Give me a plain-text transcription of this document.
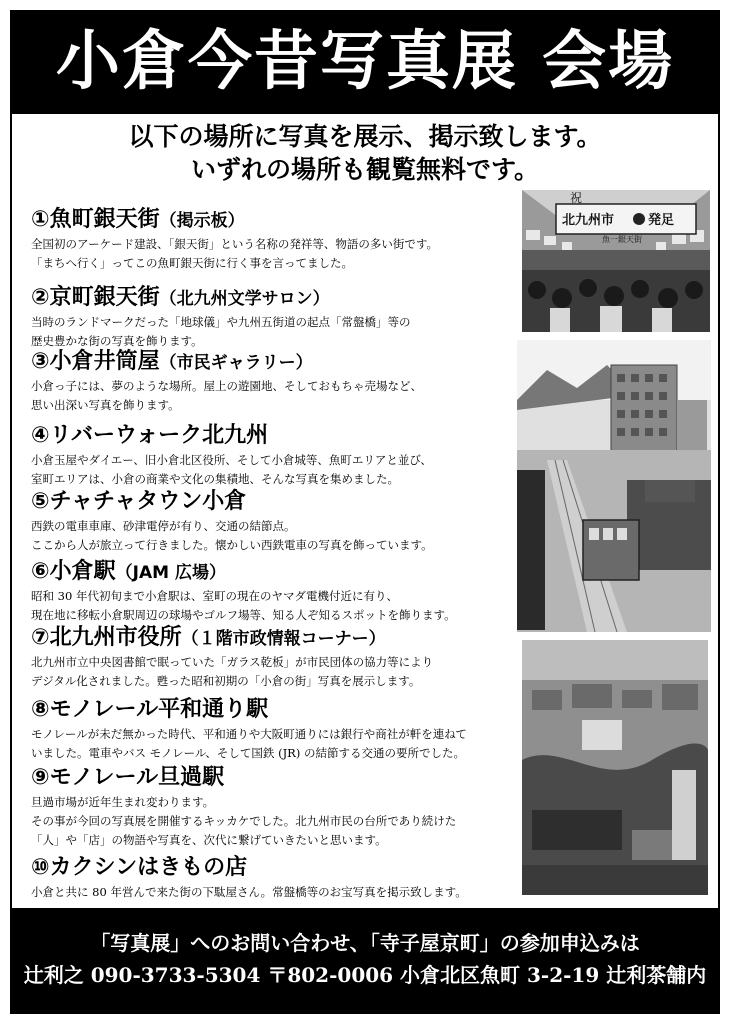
小倉今昔写真展 会場
以下の場所に写真を展示、掲示致します。
いずれの場所も観覧無料です。
①魚町銀天街（掲示板）
全国初のアーケード建設、「銀天街」という名称の発祥等、物語の多い街です。
「まちへ行く」ってこの魚町銀天街に行く事を言ってました。
②京町銀天街（北九州文学サロン）
当時のランドマークだった「地球儀」や九州五街道の起点「常盤橋」等の
歴史豊かな街の写真を飾ります。
③小倉井筒屋（市民ギャラリー）
小倉っ子には、夢のような場所。屋上の遊園地、そしておもちゃ売場など、
思い出深い写真を飾ります。
④リバーウォーク北九州
小倉玉屋やダイエー、旧小倉北区役所、そして小倉城等、魚町エリアと並び、
室町エリアは、小倉の商業や文化の集積地、そんな写真を集めました。
⑤チャチャタウン小倉
西鉄の電車車庫、砂津電停が有り、交通の結節点。
ここから人が旅立って行きました。懐かしい西鉄電車の写真を飾っています。
⑥小倉駅（JAM 広場）
昭和 30 年代初旬まで小倉駅は、室町の現在のヤマダ電機付近に有り、
現在地に移転小倉駅周辺の球場やゴルフ場等、知る人ぞ知るスポットを飾ります。
⑦北九州市役所（１階市政情報コーナー）
北九州市立中央図書館で眠っていた「ガラス乾板」が市民団体の協力等により
デジタル化されました。甦った昭和初期の「小倉の街」写真を展示します。
⑧モノレール平和通り駅
モノレールが未だ無かった時代、平和通りや大阪町通りには銀行や商社が軒を連ねて
いました。電車やバス モノレール、そして国鉄 (JR) の結節する交通の要所でした。
⑨モノレール旦過駅
旦過市場が近年生まれ変わります。
その事が今回の写真展を開催するキッカケでした。北九州市民の台所であり続けた
「人」や「店」の物語や写真を、次代に繋げていきたいと思います。
⑩カクシンはきもの店
小倉と共に 80 年営んで来た街の下駄屋さん。常盤橋等のお宝写真を掲示致します。
祝
北九州市	発足
魚一銀天街
「写真展」へのお問い合わせ、「寺子屋京町」の参加申込みは
辻利之 090-3733-5304 〒802-0006 小倉北区魚町 3-2-19 辻利茶舗内
